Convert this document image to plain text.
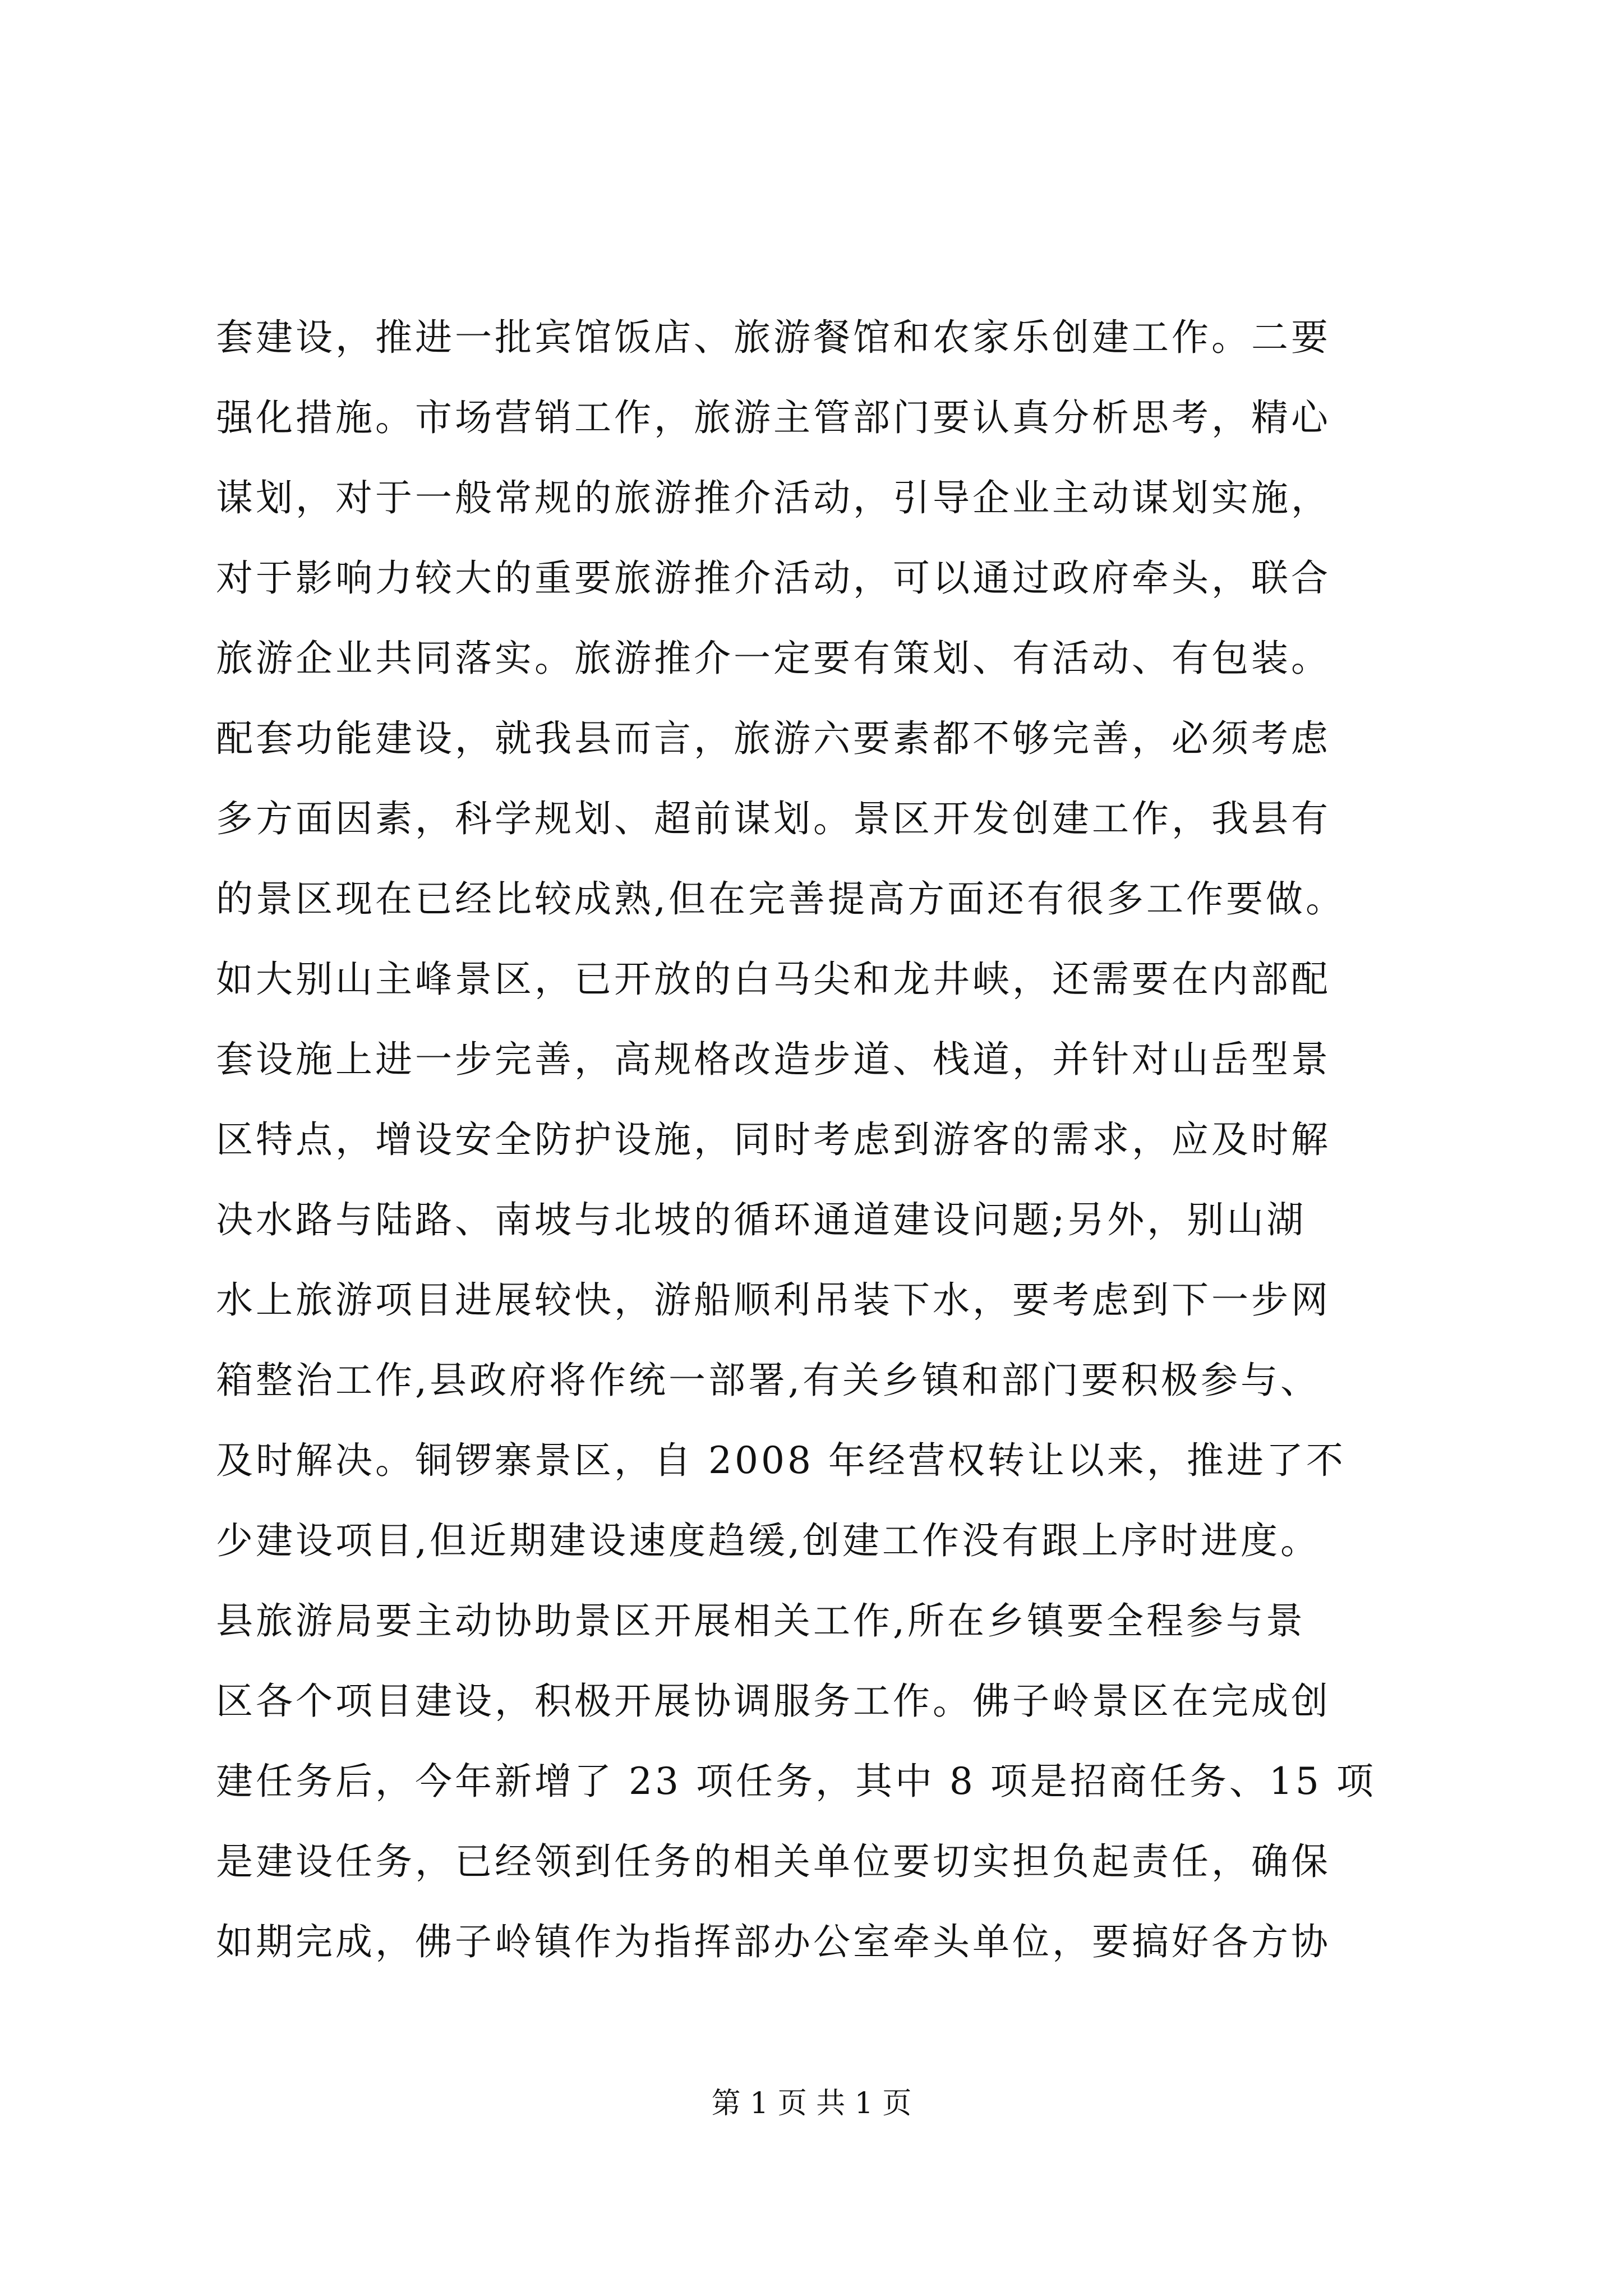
套建设，推进一批宾馆饭店、旅游餐馆和农家乐创建工作。二要
强化措施。市场营销工作，旅游主管部门要认真分析思考，精心
谋划，对于一般常规的旅游推介活动，引导企业主动谋划实施，
对于影响力较大的重要旅游推介活动，可以通过政府牵头，联合
旅游企业共同落实。旅游推介一定要有策划、有活动、有包装。
配套功能建设，就我县而言，旅游六要素都不够完善，必须考虑
多方面因素，科学规划、超前谋划。景区开发创建工作，我县有
的景区现在已经比较成熟,但在完善提高方面还有很多工作要做。
如大别山主峰景区，已开放的白马尖和龙井峡，还需要在内部配
套设施上进一步完善，高规格改造步道、栈道，并针对山岳型景
区特点，增设安全防护设施，同时考虑到游客的需求，应及时解
决水路与陆路、南坡与北坡的循环通道建设问题;另外，别山湖
水上旅游项目进展较快，游船顺利吊装下水，要考虑到下一步网
箱整治工作,县政府将作统一部署,有关乡镇和部门要积极参与、
及时解决。铜锣寨景区，自 2008 年经营权转让以来，推进了不
少建设项目,但近期建设速度趋缓,创建工作没有跟上序时进度。
县旅游局要主动协助景区开展相关工作,所在乡镇要全程参与景
区各个项目建设，积极开展协调服务工作。佛子岭景区在完成创
建任务后，今年新增了 23 项任务，其中 8 项是招商任务、15 项
是建设任务，已经领到任务的相关单位要切实担负起责任，确保
如期完成，佛子岭镇作为指挥部办公室牵头单位，要搞好各方协
第 1 页 共 1 页
